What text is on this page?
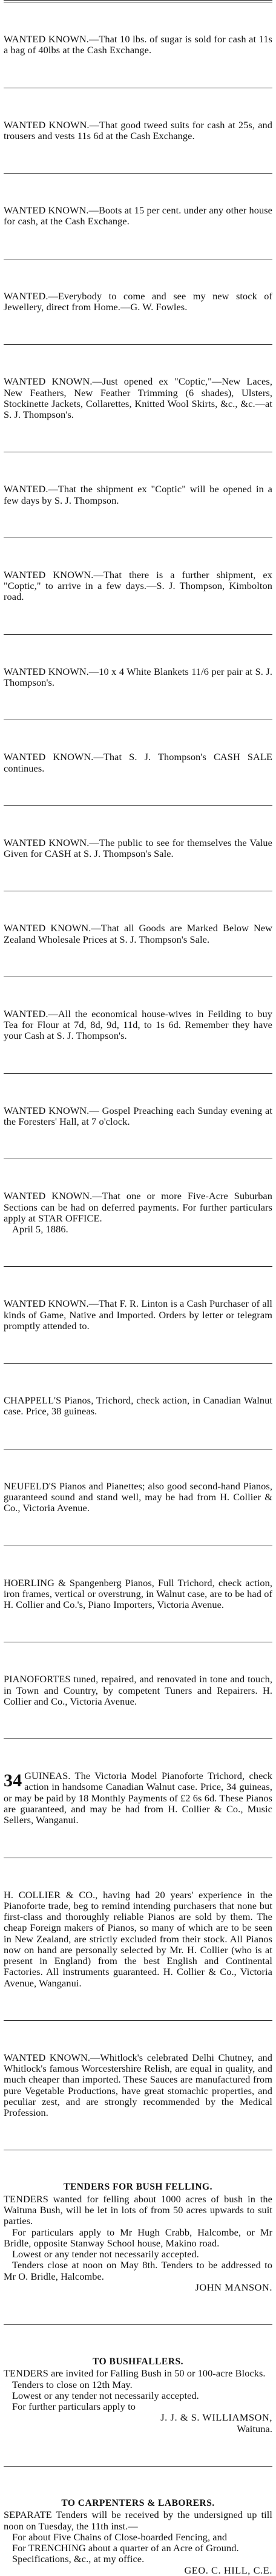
WANTED KNOWN.—That 10 lbs. of sugar is sold for cash at 11s a bag of 40lbs at the Cash Exchange.

WANTED KNOWN.—That good tweed suits for cash at 25s, and trousers and vests 11s 6d at the Cash Exchange.

WANTED KNOWN.—Boots at 15 per cent. under any other house for cash, at the Cash Exchange.

WANTED.—Everybody to come and see my new stock of Jewellery, direct from Home.—G. W. Fowles.

WANTED KNOWN.—Just opened ex "Coptic,"—New Laces, New Feathers, New Feather Trimming (6 shades), Ulsters, Stockinette Jackets, Collarettes, Knitted Wool Skirts, &c., &c.—at S. J. Thompson's.

WANTED.—That the shipment ex "Coptic" will be opened in a few days by S. J. Thompson.

WANTED KNOWN.—That there is a further shipment, ex "Coptic," to arrive in a few days.—S. J. Thompson, Kimbolton road.

WANTED KNOWN.—10 x 4 White Blankets 11/6 per pair at S. J. Thompson's.

WANTED KNOWN.—That S. J. Thompson's CASH SALE continues.

WANTED KNOWN.—The public to see for themselves the Value Given for CASH at S. J. Thompson's Sale.

WANTED KNOWN.—That all Goods are Marked Below New Zealand Wholesale Prices at S. J. Thompson's Sale.

WANTED.—All the economical house-wives in Feilding to buy Tea for Flour at 7d, 8d, 9d, 11d, to 1s 6d. Remember they have your Cash at S. J. Thompson's.

WANTED KNOWN.— Gospel Preaching each Sunday evening at the Foresters' Hall, at 7 o'clock.

WANTED KNOWN.—That one or more Five-Acre Suburban Sections can be had on deferred payments. For further particulars apply at STAR OFFICE.

April 5, 1886.

WANTED KNOWN.—That F. R. Linton is a Cash Purchaser of all kinds of Game, Native and Imported. Orders by letter or telegram promptly attended to.

CHAPPELL'S Pianos, Trichord, check action, in Canadian Walnut case. Price, 38 guineas.

NEUFELD'S Pianos and Pianettes; also good second-hand Pianos, guaranteed sound and stand well, may be had from H. Collier & Co., Victoria Avenue.

HOERLING & Spangenberg Pianos, Full Trichord, check action, iron frames, vertical or overstrung, in Walnut case, are to be had of H. Collier and Co.'s, Piano Importers, Victoria Avenue.

PIANOFORTES tuned, repaired, and renovated in tone and touch, in Town and Country, by competent Tuners and Repairers. H. Collier and Co., Victoria Avenue.

34 GUINEAS. The Victoria Model Pianoforte Trichord, check action in handsome Canadian Walnut case. Price, 34 guineas, or may be paid by 18 Monthly Payments of £2 6s 6d. These Pianos are guaranteed, and may be had from H. Collier & Co., Music Sellers, Wanganui.

H. COLLIER & CO., having had 20 years' experience in the Pianoforte trade, beg to remind intending purchasers that none but first-class and thoroughly reliable Pianos are sold by them. The cheap Foreign makers of Pianos, so many of which are to be seen in New Zealand, are strictly excluded from their stock. All Pianos now on hand are personally selected by Mr. H. Collier (who is at present in England) from the best English and Continental Factories. All instruments guaranteed. H. Collier & Co., Victoria Avenue, Wanganui.

WANTED KNOWN.—Whitlock's celebrated Delhi Chutney, and Whitlock's famous Worcestershire Relish, are equal in quality, and much cheaper than imported. These Sauces are manufactured from pure Vegetable Productions, have great stomachic properties, and peculiar zest, and are strongly recommended by the Medical Profession.

TENDERS FOR BUSH FELLING.

TENDERS wanted for felling about 1000 acres of bush in the Waituna Bush, will be let in lots of from 50 acres upwards to suit parties.

For particulars apply to Mr Hugh Crabb, Halcombe, or Mr Bridle, opposite Stanway School house, Makino road.

Lowest or any tender not necessarily accepted.

Tenders close at noon on May 8th. Tenders to be addressed to Mr O. Bridle, Halcombe.

JOHN MANSON.

TO BUSHFALLERS.

TENDERS are invited for Falling Bush in 50 or 100-acre Blocks.

Tenders to close on 12th May.

Lowest or any tender not necessarily accepted.

For further particulars apply to

J. J. & S. WILLIAMSON,

Waituna.

TO CARPENTERS & LABORERS.

SEPARATE Tenders will be received by the undersigned up till noon on Tuesday, the 11th inst.—

For about Five Chains of Close-boarded Fencing, and

For TRENCHING about a quarter of an Acre of Ground.

Specifications, &c., at my office.

GEO. C. HILL, C.E.
